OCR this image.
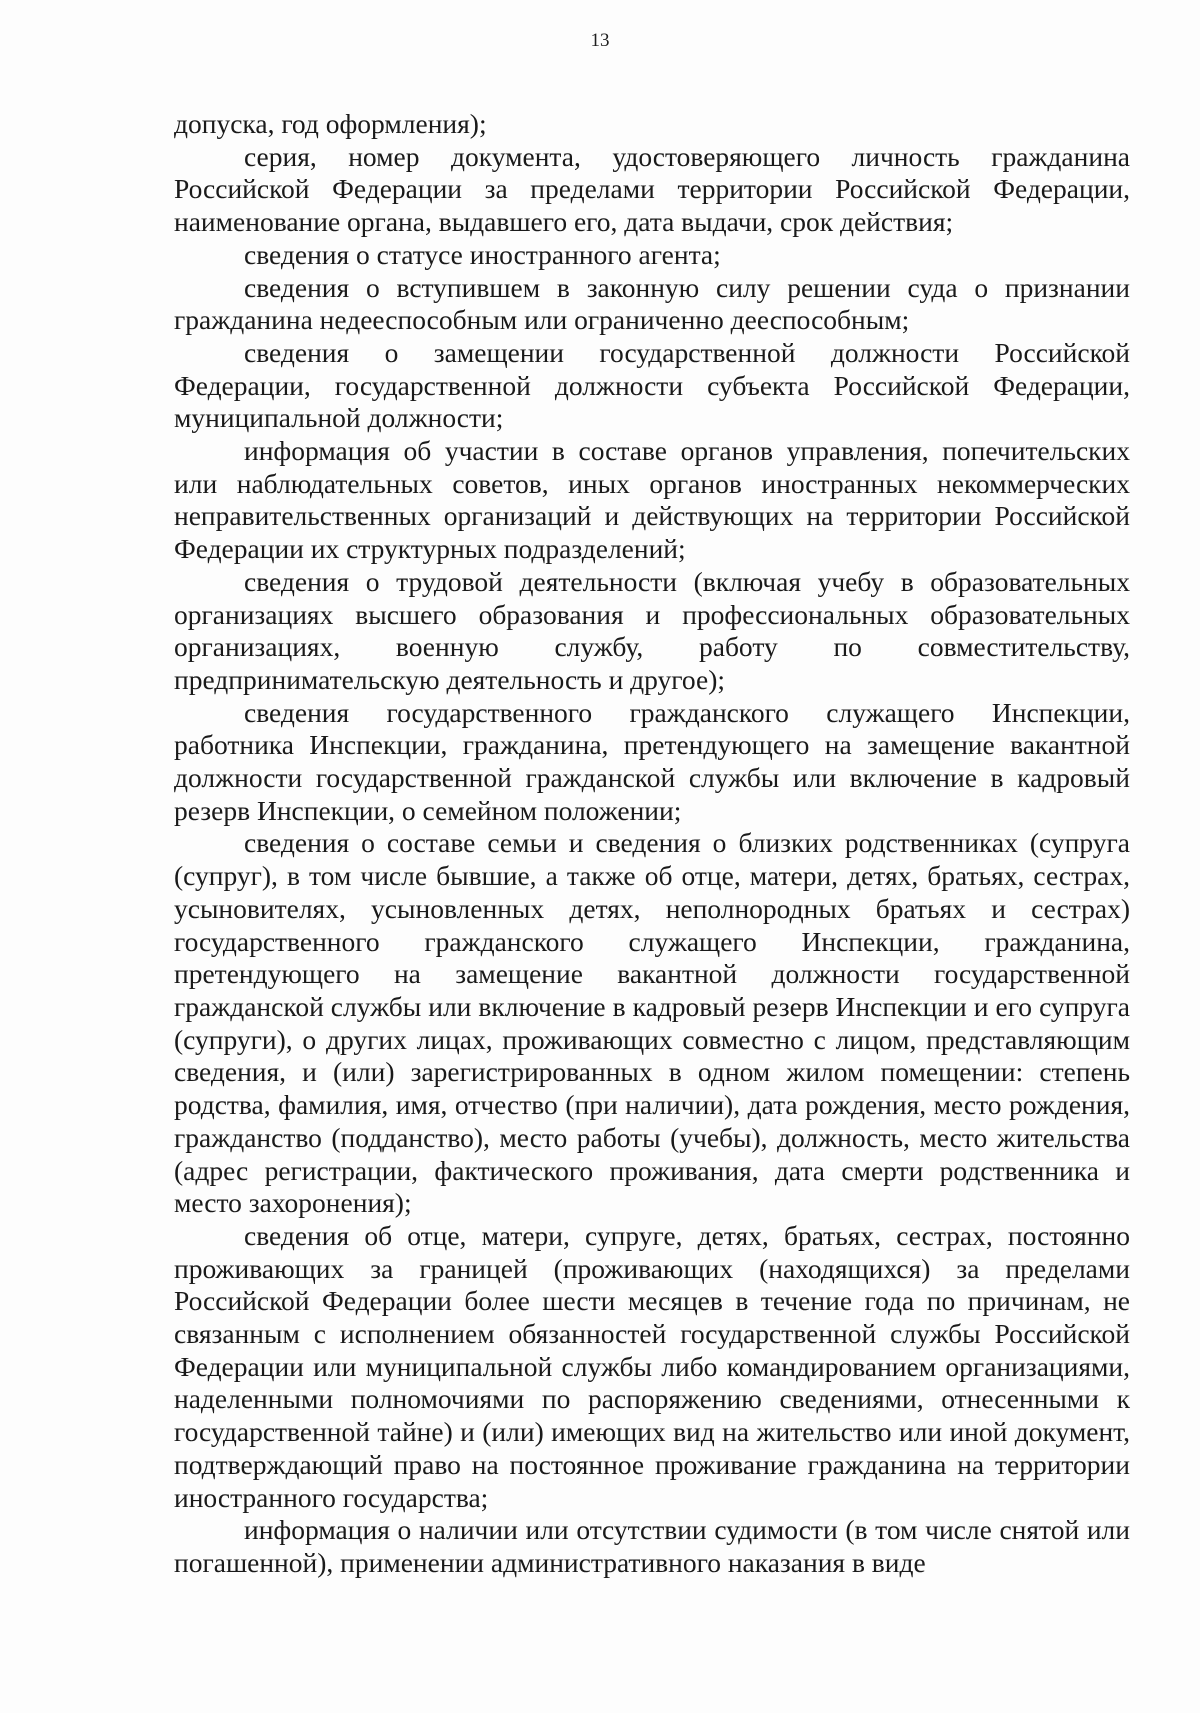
13

допуска, год оформления);

серия, номер документа, удостоверяющего личность гражданина Российской Федерации за пределами территории Российской Федерации, наименование органа, выдавшего его, дата выдачи, срок действия;

сведения о статусе иностранного агента;

сведения о вступившем в законную силу решении суда о признании гражданина недееспособным или ограниченно дееспособным;

сведения о замещении государственной должности Российской Федерации, государственной должности субъекта Российской Федерации, муниципальной должности;

информация об участии в составе органов управления, попечительских или наблюдательных советов, иных органов иностранных некоммерческих неправительственных организаций и действующих на территории Российской Федерации их структурных подразделений;

сведения о трудовой деятельности (включая учебу в образовательных организациях высшего образования и профессиональных образовательных организациях, военную службу, работу по совместительству, предпринимательскую деятельность и другое);

сведения государственного гражданского служащего Инспекции, работника Инспекции, гражданина, претендующего на замещение вакантной должности государственной гражданской службы или включение в кадровый резерв Инспекции, о семейном положении;

сведения о составе семьи и сведения о близких родственниках (супруга (супруг), в том числе бывшие, а также об отце, матери, детях, братьях, сестрах, усыновителях, усыновленных детях, неполнородных братьях и сестрах) государственного гражданского служащего Инспекции, гражданина, претендующего на замещение вакантной должности государственной гражданской службы или включение в кадровый резерв Инспекции и его супруга (супруги), о других лицах, проживающих совместно с лицом, представляющим сведения, и (или) зарегистрированных в одном жилом помещении: степень родства, фамилия, имя, отчество (при наличии), дата рождения, место рождения, гражданство (подданство), место работы (учебы), должность, место жительства (адрес регистрации, фактического проживания, дата смерти родственника и место захоронения);

сведения об отце, матери, супруге, детях, братьях, сестрах, постоянно проживающих за границей (проживающих (находящихся) за пределами Российской Федерации более шести месяцев в течение года по причинам, не связанным с исполнением обязанностей государственной службы Российской Федерации или муниципальной службы либо командированием организациями, наделенными полномочиями по распоряжению сведениями, отнесенными к государственной тайне) и (или) имеющих вид на жительство или иной документ, подтверждающий право на постоянное проживание гражданина на территории иностранного государства;

информация о наличии или отсутствии судимости (в том числе снятой или погашенной), применении административного наказания в виде
